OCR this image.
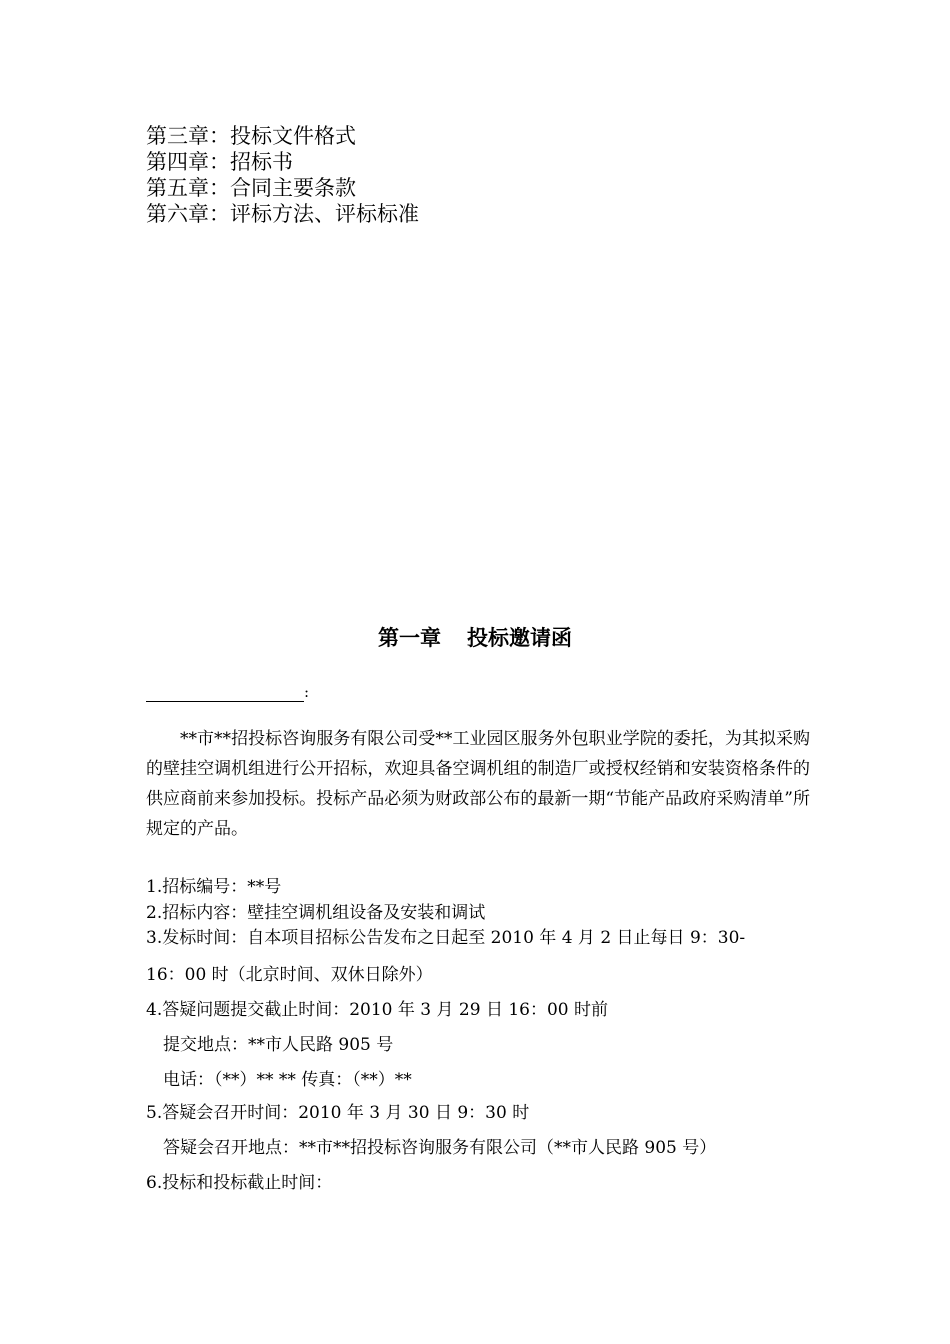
第三章：投标文件格式
第四章：招标书
第五章：合同主要条款
第六章：评标方法、评标标准
第一章 投标邀请函
:

**市**招投标咨询服务有限公司受**工业园区服务外包职业学院的委托，为其拟采购的壁挂空调机组进行公开招标，欢迎具备空调机组的制造厂或授权经销和安装资格条件的供应商前来参加投标。投标产品必须为财政部公布的最新一期“节能产品政府采购清单”所规定的产品。

1.招标编号：**号
2.招标内容：壁挂空调机组设备及安装和调试
3.发标时间：自本项目招标公告发布之日起至 2010 年 4 月 2 日止每日 9：30-
16：00 时（北京时间、双休日除外）
4.答疑问题提交截止时间：2010 年 3 月 29 日 16：00 时前
提交地点：**市人民路 905 号
电话：（**）** ** 传真：（**）**
5.答疑会召开时间：2010 年 3 月 30 日 9：30 时
答疑会召开地点：**市**招投标咨询服务有限公司（**市人民路 905 号）
6.投标和投标截止时间：
